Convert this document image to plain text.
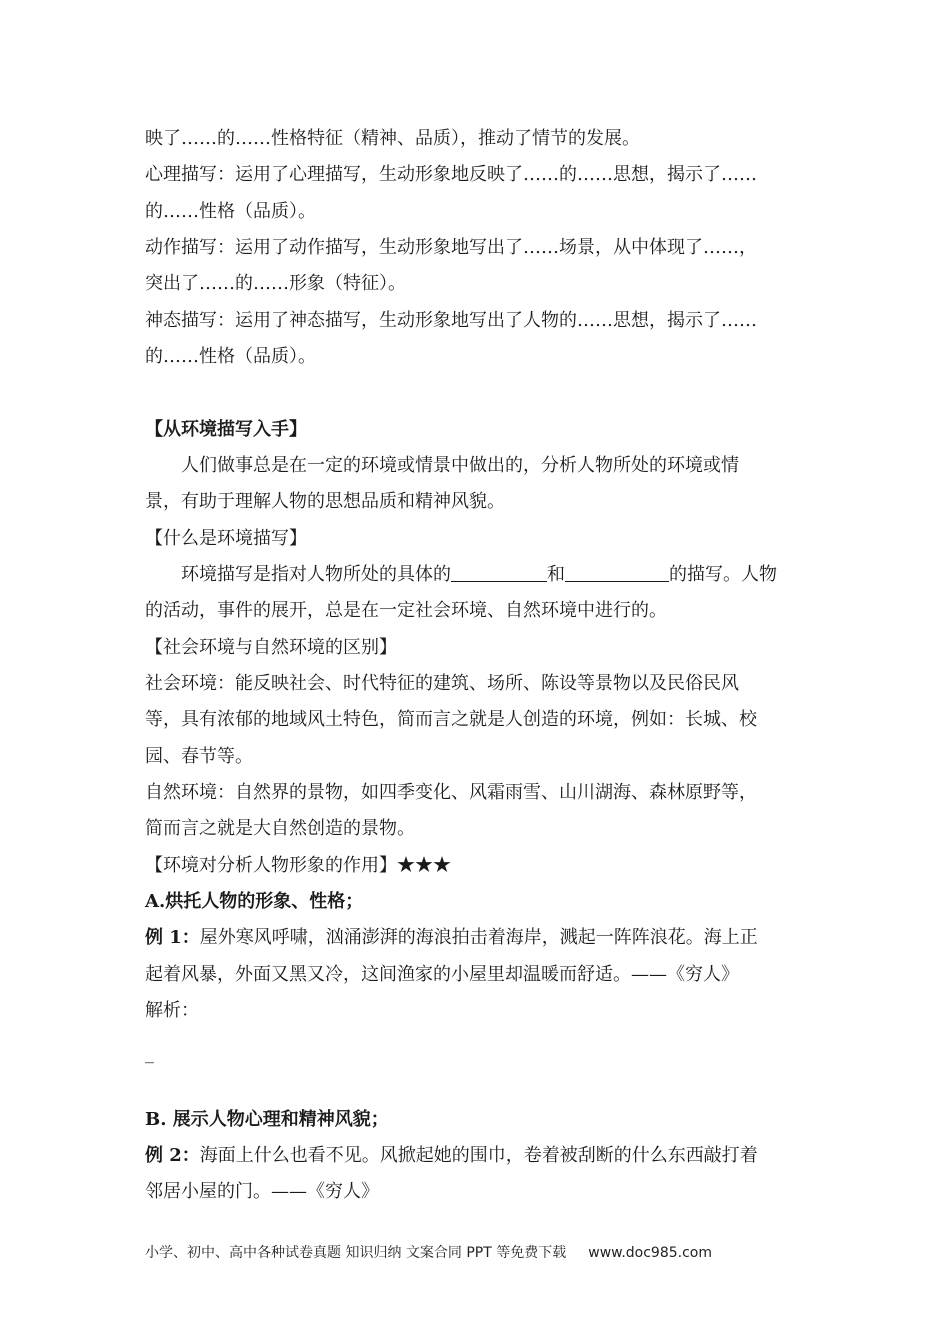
映了……的……性格特征（精神、品质），推动了情节的发展。
心理描写：运用了心理描写，生动形象地反映了……的……思想，揭示了……
的……性格（品质）。
动作描写：运用了动作描写，生动形象地写出了……场景，从中体现了……，
突出了……的……形象（特征）。
神态描写：运用了神态描写，生动形象地写出了人物的……思想，揭示了……
的……性格（品质）。
【从环境描写入手】
人们做事总是在一定的环境或情景中做出的，分析人物所处的环境或情
景，有助于理解人物的思想品质和精神风貌。
【什么是环境描写】
环境描写是指对人物所处的具体的	和	的描写。人物
的活动，事件的展开，总是在一定社会环境、自然环境中进行的。
【社会环境与自然环境的区别】
社会环境：能反映社会、时代特征的建筑、场所、陈设等景物以及民俗民风
等，具有浓郁的地域风土特色，简而言之就是人创造的环境，例如：长城、校
园、春节等。
自然环境：自然界的景物，如四季变化、风霜雨雪、山川湖海、森林原野等，
简而言之就是大自然创造的景物。
【环境对分析人物形象的作用】★★★
A.烘托人物的形象、性格；
例 1：屋外寒风呼啸，汹涌澎湃的海浪拍击着海岸，溅起一阵阵浪花。海上正
起着风暴，外面又黑又冷，这间渔家的小屋里却温暖而舒适。——《穷人》
解析：
_
B. 展示人物心理和精神风貌；
例 2：海面上什么也看不见。风掀起她的围巾，卷着被刮断的什么东西敲打着
邻居小屋的门。——《穷人》
小学、初中、高中各种试卷真题 知识归纳 文案合同 PPT 等免费下载 www.doc985.com
